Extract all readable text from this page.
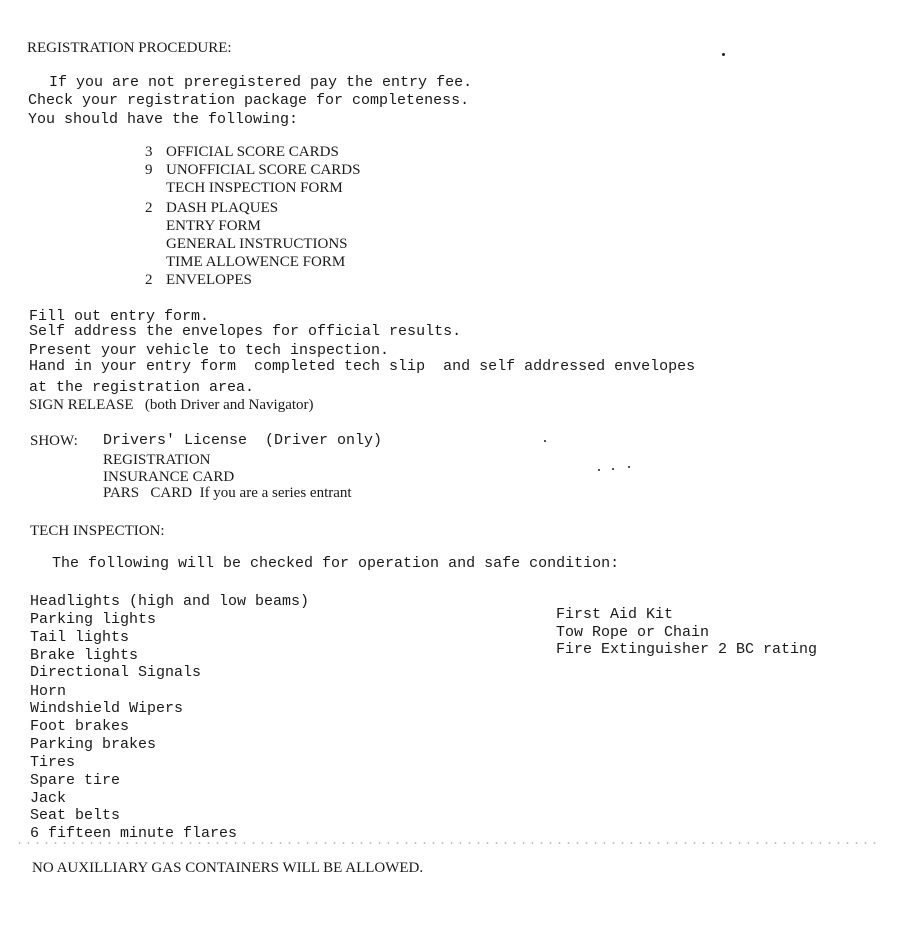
REGISTRATION PROCEDURE:
If you are not preregistered pay the entry fee.
Check your registration package for completeness.
You should have the following:
3 OFFICIAL SCORE CARDS
9 UNOFFICIAL SCORE CARDS
TECH INSPECTION FORM
2 DASH PLAQUES
ENTRY FORM
GENERAL INSTRUCTIONS
TIME ALLOWENCE FORM
2 ENVELOPES
Fill out entry form.
Self address the envelopes for official results.
Present your vehicle to tech inspection.
Hand in your entry form  completed tech slip  and self addressed envelopes
at the registration area.
SIGN RELEASE   (both Driver and Navigator)
SHOW: Drivers' License  (Driver only)
REGISTRATION
INSURANCE CARD
PARS   CARD  If you are a series entrant
TECH INSPECTION:
The following will be checked for operation and safe condition:
Headlights (high and low beams)
Parking lights
Tail lights
Brake lights
Directional Signals
Horn
Windshield Wipers
Foot brakes
Parking brakes
Tires
Spare tire
Jack
Seat belts
6 fifteen minute flares
First Aid Kit
Tow Rope or Chain
Fire Extinguisher 2 BC rating
NO AUXILLIARY GAS CONTAINERS WILL BE ALLOWED.
